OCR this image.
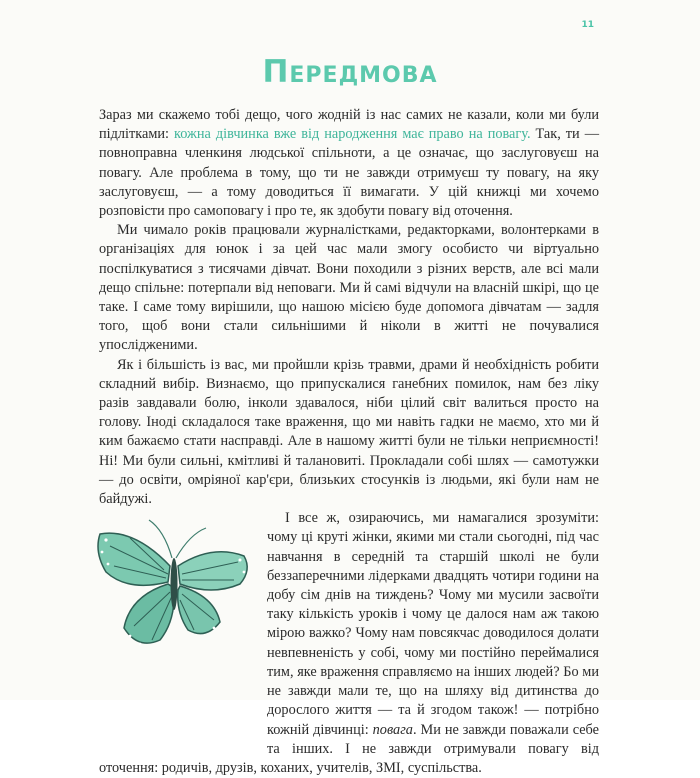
11
Передмова

Зараз ми скажемо тобі дещо, чого жодній із нас самих не казали, коли ми були підлітками: кожна дівчинка вже від народження має право на повагу. Так, ти — повноправна членкиня людської спільноти, а це означає, що заслуговуєш на повагу. Але проблема в тому, що ти не завжди отримуєш ту повагу, на яку заслуговуєш, — а тому доводиться її вимагати. У цій книжці ми хочемо розповісти про самоповагу і про те, як здобути повагу від оточення.

Ми чимало років працювали журналістками, редакторками, волонтерками в організаціях для юнок і за цей час мали змогу особисто чи віртуально поспілкуватися з тисячами дівчат. Вони походили з різних верств, але всі мали дещо спільне: потерпали від неповаги. Ми й самі відчули на власній шкірі, що це таке. І саме тому вирішили, що нашою місією буде допомога дівчатам — задля того, щоб вони стали сильнішими й ніколи в житті не почувалися упослідженими.

Як і більшість із вас, ми пройшли крізь травми, драми й необхідність робити складний вибір. Визнаємо, що припускалися ганебних помилок, нам без ліку разів завдавали болю, інколи здавалося, ніби цілий світ валиться просто на голову. Іноді складалося таке враження, що ми навіть гадки не маємо, хто ми й ким бажаємо стати насправді. Але в нашому житті були не тільки неприємності! Ні! Ми були сильні, кмітливі й талановиті. Прокладали собі шлях — самотужки — до освіти, омріяної кар'єри, близьких стосунків із людьми, які були нам не байдужі.

І все ж, озираючись, ми намагалися зрозуміти: чому ці круті жінки, якими ми стали сьогодні, під час навчання в середній та старшій школі не були беззаперечними лідерками двадцять чотири години на добу сім днів на тиждень? Чому ми мусили засвоїти таку кількість уроків і чому це далося нам аж такою мірою важко? Чому нам повсякчас доводилося долати невпевненість у собі, чому ми постійно переймалися тим, яке враження справляємо на інших людей? Бо ми не завжди мали те, що на шляху від дитинства до дорослого життя — та й згодом також! — потрібно кожній дівчинці: повага. Ми не завжди поважали себе та інших. І не завжди отримували повагу від оточення: родичів, друзів, коханих, учителів, ЗМІ, суспільства.
